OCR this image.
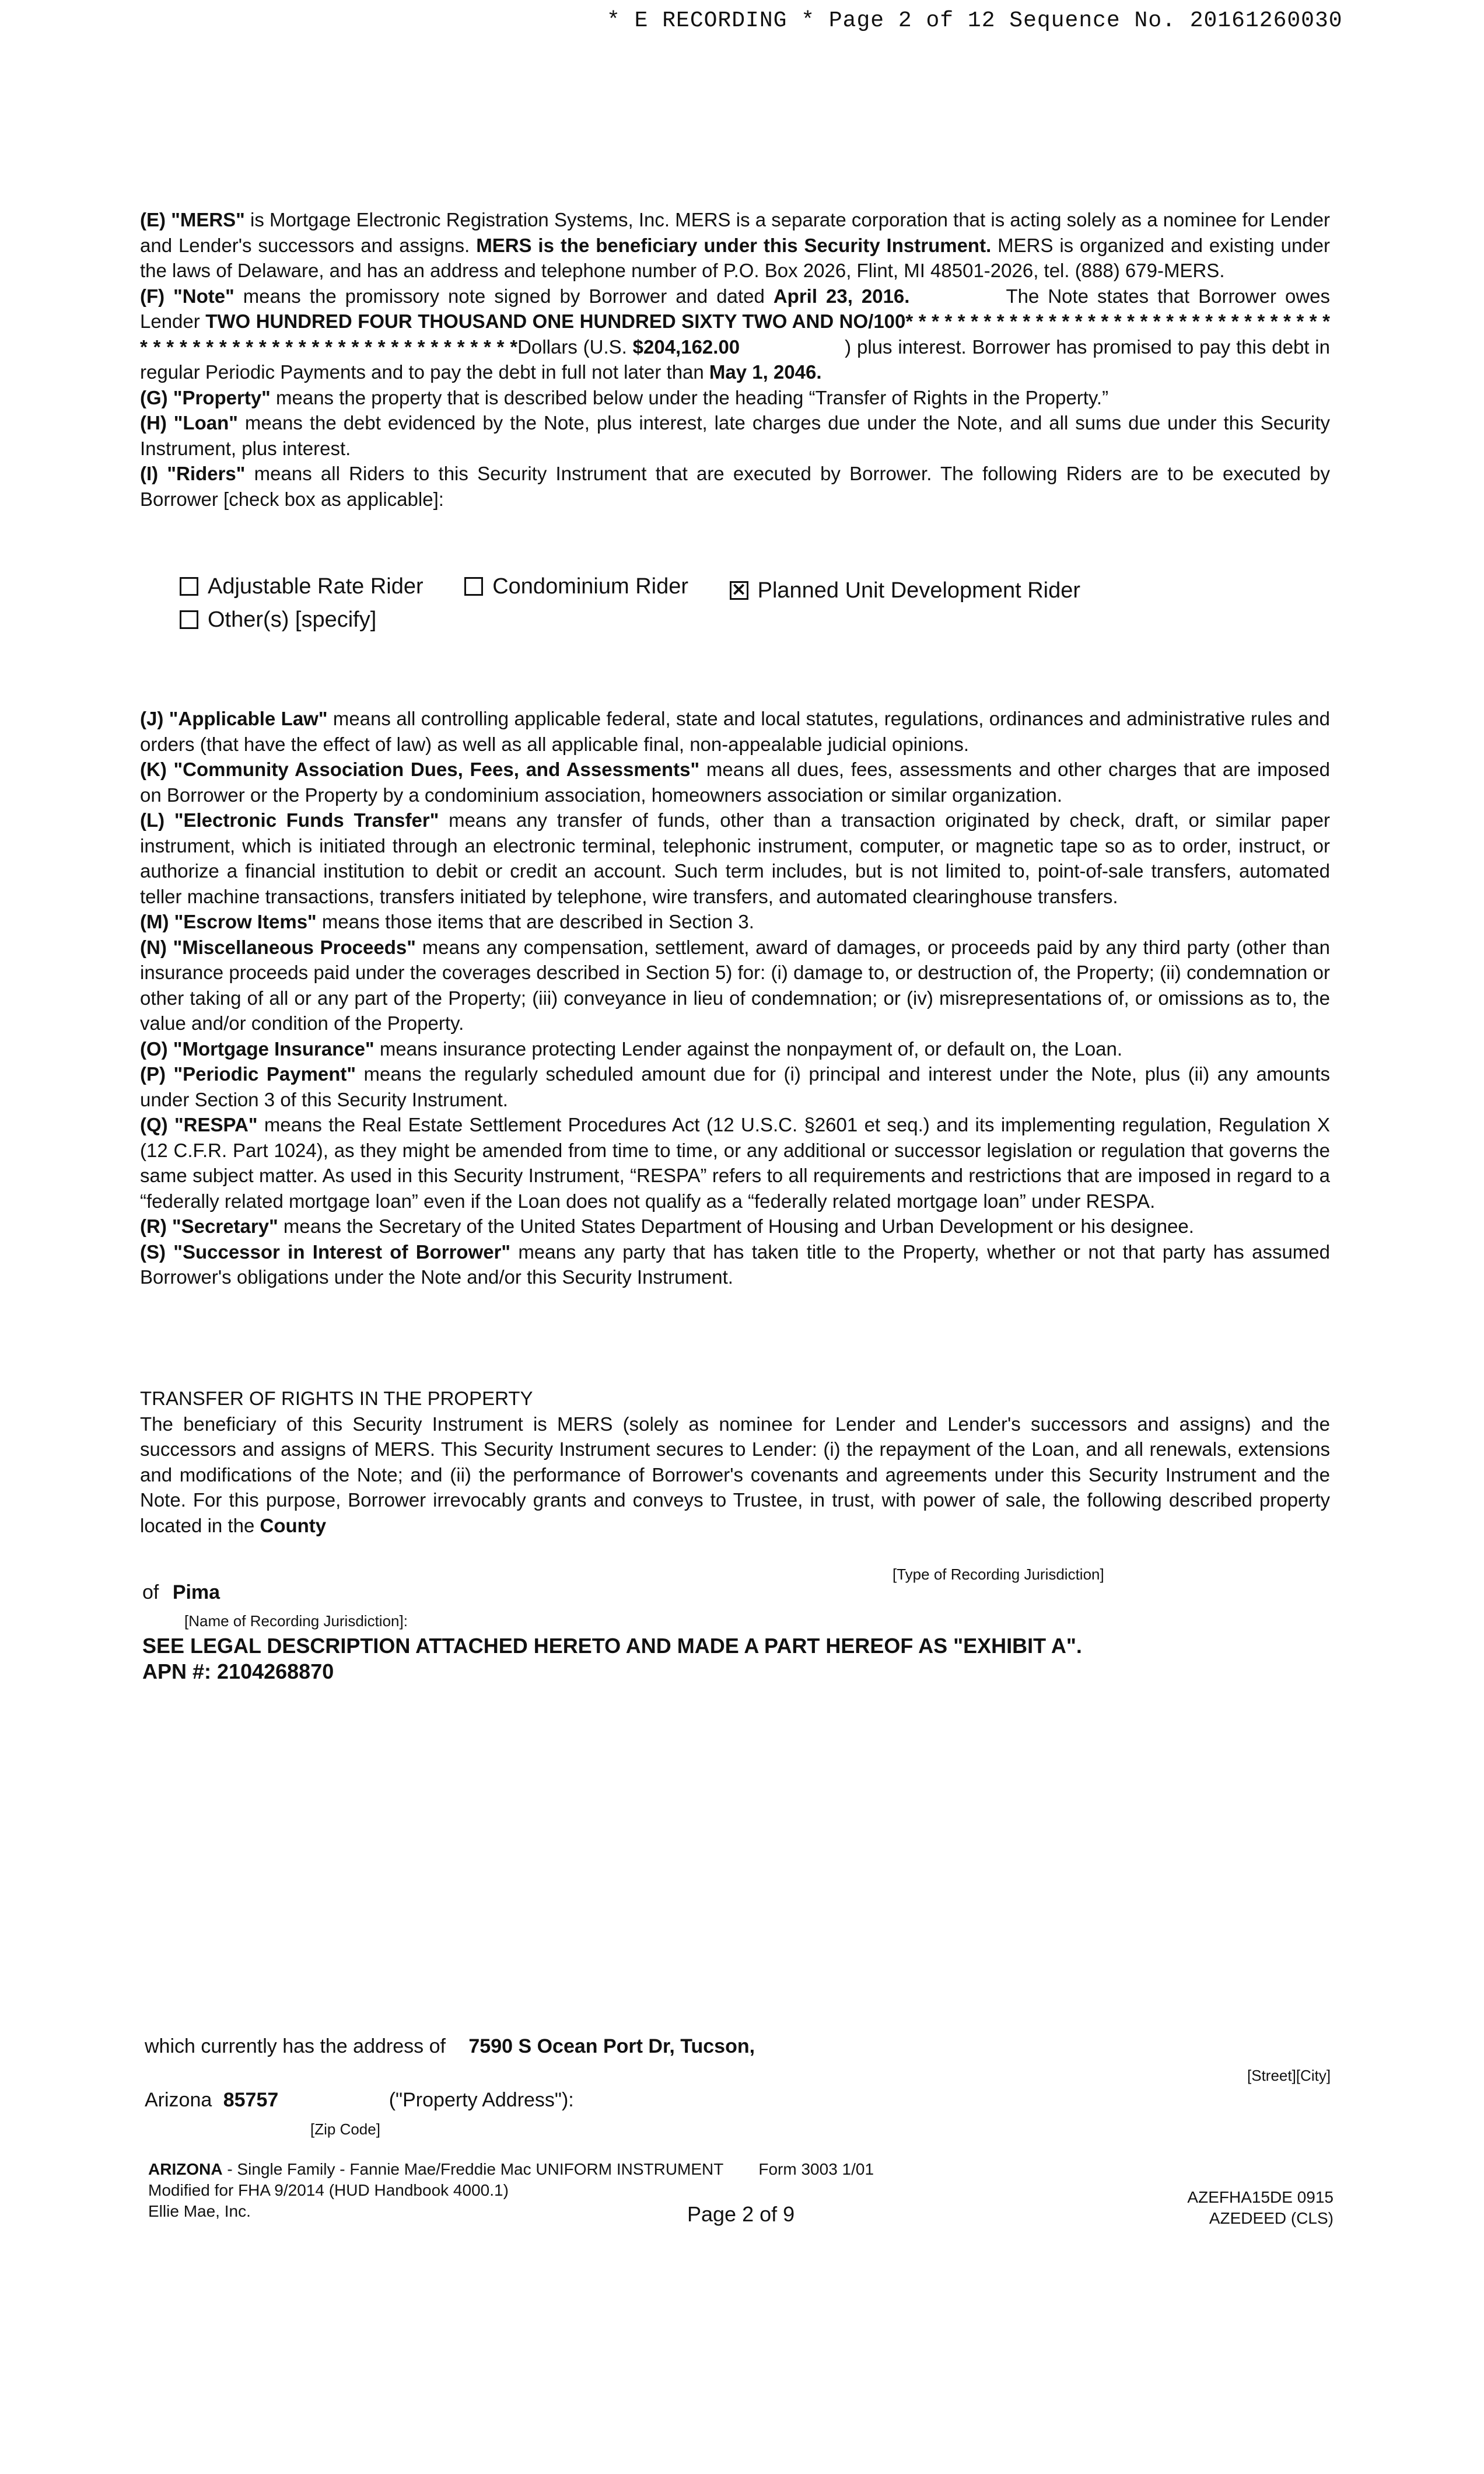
* E RECORDING * Page 2 of 12 Sequence No. 20161260030

(E) "MERS" is Mortgage Electronic Registration Systems, Inc. MERS is a separate corporation that is acting solely as a nominee for Lender and Lender's successors and assigns. MERS is the beneficiary under this Security Instrument. MERS is organized and existing under the laws of Delaware, and has an address and telephone number of P.O. Box 2026, Flint, MI 48501-2026, tel. (888) 679-MERS.

(F) "Note" means the promissory note signed by Borrower and dated April 23, 2016.	The Note states that Borrower owes Lender TWO HUNDRED FOUR THOUSAND ONE HUNDRED SIXTY TWO AND NO/100* * * * * * * * * * * * * * * * * * * * * * * * * * * * * * * * * * * * * * * * * * * * * * * * * * * * * * * * * * * * * *Dollars (U.S. $204,162.00	) plus interest. Borrower has promised to pay this debt in regular Periodic Payments and to pay the debt in full not later than May 1, 2046.

(G) "Property" means the property that is described below under the heading “Transfer of Rights in the Property.”

(H) "Loan" means the debt evidenced by the Note, plus interest, late charges due under the Note, and all sums due under this Security Instrument, plus interest.

(I) "Riders" means all Riders to this Security Instrument that are executed by Borrower. The following Riders are to be executed by Borrower [check box as applicable]:

Adjustable Rate Rider
	Condominium Rider
✕ Planned Unit Development Rider
Other(s) [specify]

(J) "Applicable Law" means all controlling applicable federal, state and local statutes, regulations, ordinances and administrative rules and orders (that have the effect of law) as well as all applicable final, non-appealable judicial opinions.

(K) "Community Association Dues, Fees, and Assessments" means all dues, fees, assessments and other charges that are imposed on Borrower or the Property by a condominium association, homeowners association or similar organization.

(L) "Electronic Funds Transfer" means any transfer of funds, other than a transaction originated by check, draft, or similar paper instrument, which is initiated through an electronic terminal, telephonic instrument, computer, or magnetic tape so as to order, instruct, or authorize a financial institution to debit or credit an account. Such term includes, but is not limited to, point-of-sale transfers, automated teller machine transactions, transfers initiated by telephone, wire transfers, and automated clearinghouse transfers.

(M) "Escrow Items" means those items that are described in Section 3.

(N) "Miscellaneous Proceeds" means any compensation, settlement, award of damages, or proceeds paid by any third party (other than insurance proceeds paid under the coverages described in Section 5) for: (i) damage to, or destruction of, the Property; (ii) condemnation or other taking of all or any part of the Property; (iii) conveyance in lieu of condemnation; or (iv) misrepresentations of, or omissions as to, the value and/or condition of the Property.

(O) "Mortgage Insurance" means insurance protecting Lender against the nonpayment of, or default on, the Loan.

(P) "Periodic Payment" means the regularly scheduled amount due for (i) principal and interest under the Note, plus (ii) any amounts under Section 3 of this Security Instrument.

(Q) "RESPA" means the Real Estate Settlement Procedures Act (12 U.S.C. §2601 et seq.) and its implementing regulation, Regulation X (12 C.F.R. Part 1024), as they might be amended from time to time, or any additional or successor legislation or regulation that governs the same subject matter. As used in this Security Instrument, “RESPA” refers to all requirements and restrictions that are imposed in regard to a “federally related mortgage loan” even if the Loan does not qualify as a “federally related mortgage loan” under RESPA.

(R) "Secretary" means the Secretary of the United States Department of Housing and Urban Development or his designee.

(S) "Successor in Interest of Borrower" means any party that has taken title to the Property, whether or not that party has assumed Borrower's obligations under the Note and/or this Security Instrument.

TRANSFER OF RIGHTS IN THE PROPERTY

The beneficiary of this Security Instrument is MERS (solely as nominee for Lender and Lender's successors and assigns) and the successors and assigns of MERS. This Security Instrument secures to Lender: (i) the repayment of the Loan, and all renewals, extensions and modifications of the Note; and (ii) the performance of Borrower's covenants and agreements under this Security Instrument and the Note. For this purpose, Borrower irrevocably grants and conveys to Trustee, in trust, with power of sale, the following described property located in the County

[Type of Recording Jurisdiction]
of Pima
[Name of Recording Jurisdiction]:
SEE LEGAL DESCRIPTION ATTACHED HERETO AND MADE A PART HEREOF AS "EXHIBIT A".
APN #: 2104268870
which currently has the address of 7590 S Ocean Port Dr, Tucson,
[Street][City]
Arizona 85757	("Property Address"):
[Zip Code]
ARIZONA - Single Family - Fannie Mae/Freddie Mac UNIFORM INSTRUMENT Form 3003 1/01
Modified for FHA 9/2014 (HUD Handbook 4000.1)
Ellie Mae, Inc.	Page 2 of 9
AZEFHA15DE 0915
AZEDEED (CLS)
